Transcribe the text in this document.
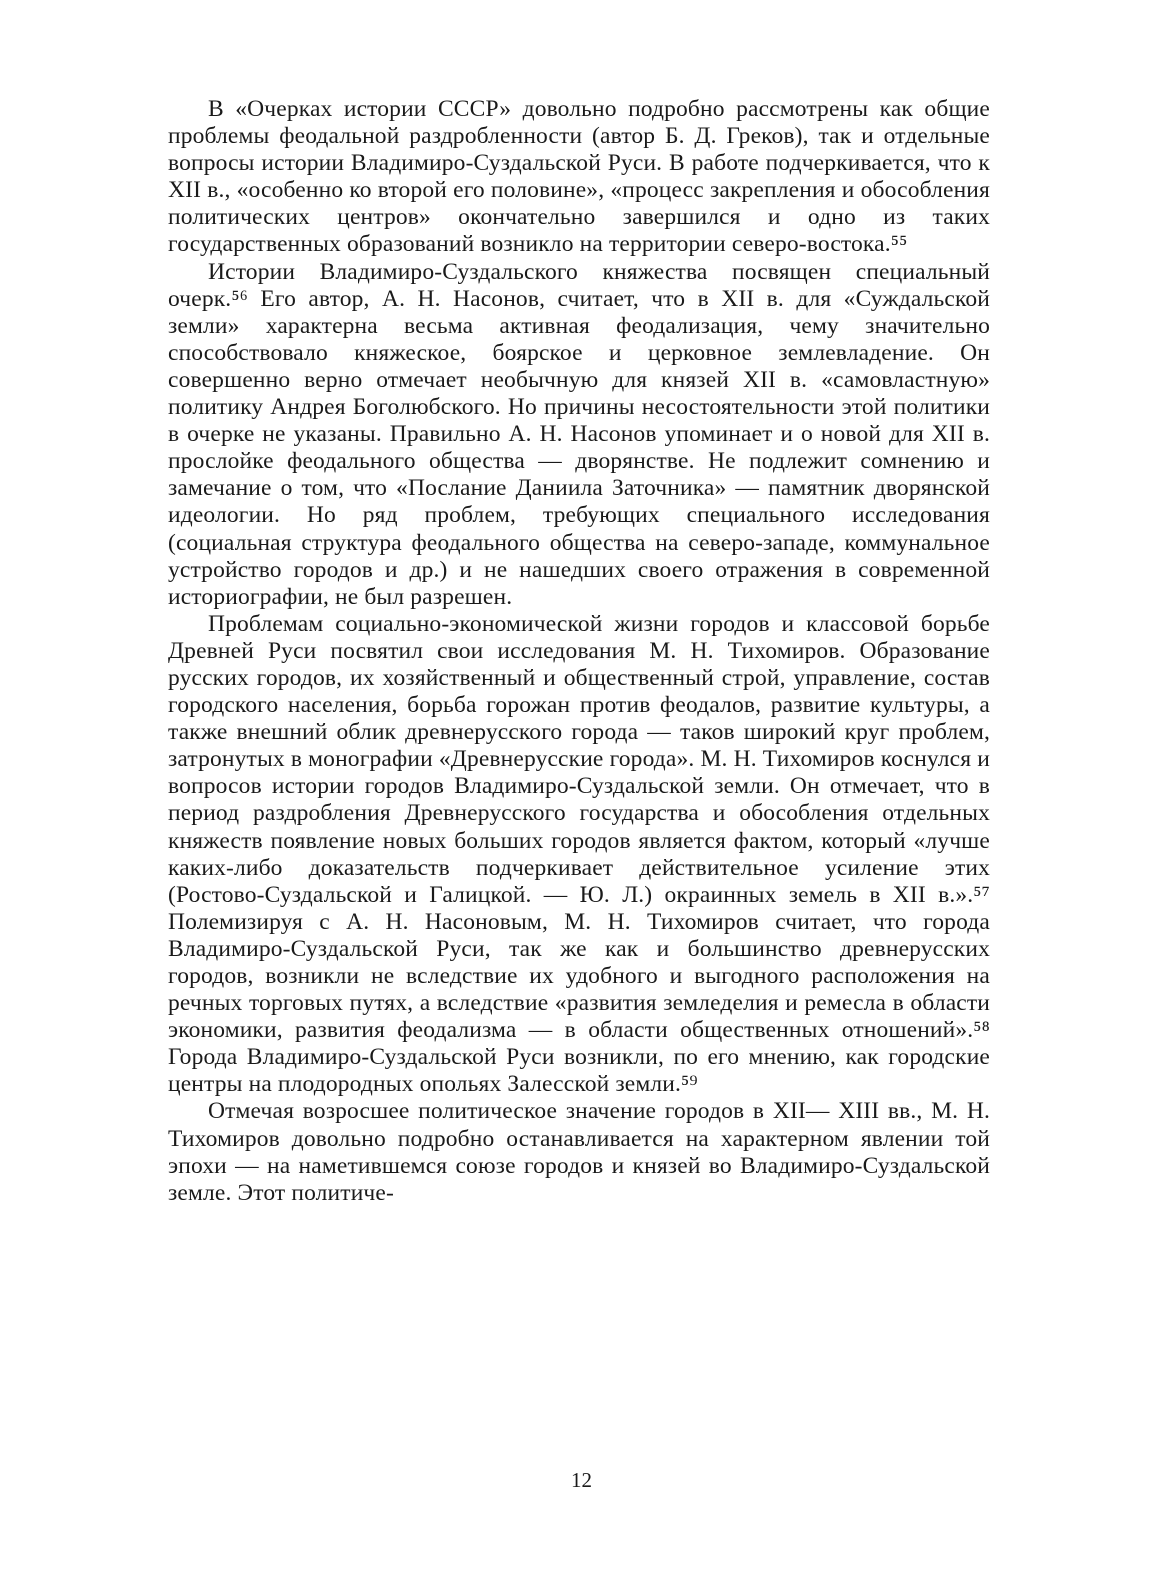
В «Очерках истории СССР» довольно подробно рассмотрены как общие проблемы феодальной раздробленности (автор Б. Д. Греков), так и отдельные вопросы истории Владимиро-Суздальской Руси. В работе подчеркивается, что к XII в., «особенно ко второй его половине», «процесс закрепления и обособления политических центров» окончательно завершился и одно из таких государственных образований возникло на территории северо-востока.⁵⁵

Истории Владимиро-Суздальского княжества посвящен специальный очерк.⁵⁶ Его автор, А. Н. Насонов, считает, что в XII в. для «Суждальской земли» характерна весьма активная феодализация, чему значительно способствовало княжеское, боярское и церковное землевладение. Он совершенно верно отмечает необычную для князей XII в. «самовластную» политику Андрея Боголюбского. Но причины несостоятельности этой политики в очерке не указаны. Правильно А. Н. Насонов упоминает и о новой для XII в. прослойке феодального общества — дворянстве. Не подлежит сомнению и замечание о том, что «Послание Даниила Заточника» — памятник дворянской идеологии. Но ряд проблем, требующих специального исследования (социальная структура феодального общества на северо-западе, коммунальное устройство городов и др.) и не нашедших своего отражения в современной историографии, не был разрешен.

Проблемам социально-экономической жизни городов и классовой борьбе Древней Руси посвятил свои исследования М. Н. Тихомиров. Образование русских городов, их хозяйственный и общественный строй, управление, состав городского населения, борьба горожан против феодалов, развитие культуры, а также внешний облик древнерусского города — таков широкий круг проблем, затронутых в монографии «Древнерусские города». М. Н. Тихомиров коснулся и вопросов истории городов Владимиро-Суздальской земли. Он отмечает, что в период раздробления Древнерусского государства и обособления отдельных княжеств появление новых больших городов является фактом, который «лучше каких-либо доказательств подчеркивает действительное усиление этих (Ростово-Суздальской и Галицкой. — Ю. Л.) окраинных земель в XII в.».⁵⁷ Полемизируя с А. Н. Насоновым, М. Н. Тихомиров считает, что города Владимиро-Суздальской Руси, так же как и большинство древнерусских городов, возникли не вследствие их удобного и выгодного расположения на речных торговых путях, а вследствие «развития земледелия и ремесла в области экономики, развития феодализма — в области общественных отношений».⁵⁸ Города Владимиро-Суздальской Руси возникли, по его мнению, как городские центры на плодородных опольях Залесской земли.⁵⁹

Отмечая возросшее политическое значение городов в XII— XIII вв., М. Н. Тихомиров довольно подробно останавливается на характерном явлении той эпохи — на наметившемся союзе городов и князей во Владимиро-Суздальской земле. Этот политиче-

12
